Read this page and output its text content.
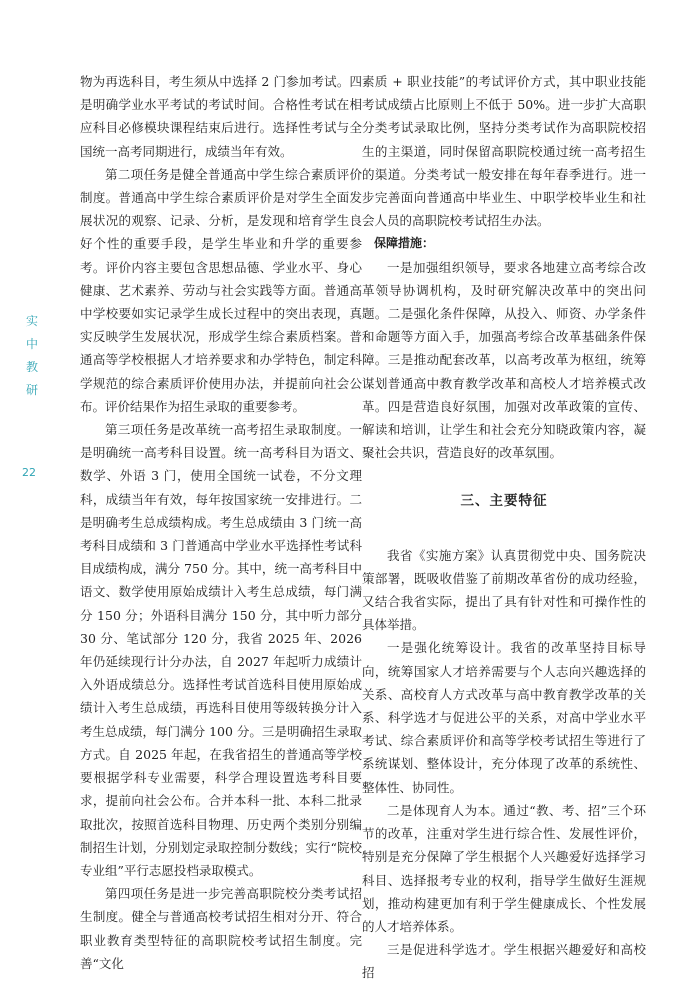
实
中
教
研
22

物为再选科目，考生须从中选择 2 门参加考试。四是明确学业水平考试的考试时间。合格性考试在相应科目必修模块课程结束后进行。选择性考试与全国统一高考同期进行，成绩当年有效。

第二项任务是健全普通高中学生综合素质评价制度。普通高中学生综合素质评价是对学生全面发展状况的观察、记录、分析，是发现和培育学生良好个性的重要手段，是学生毕业和升学的重要参考。评价内容主要包含思想品德、学业水平、身心健康、艺术素养、劳动与社会实践等方面。普通高中学校要如实记录学生成长过程中的突出表现，真实反映学生发展状况，形成学生综合素质档案。普通高等学校根据人才培养要求和办学特色，制定科学规范的综合素质评价使用办法，并提前向社会公布。评价结果作为招生录取的重要参考。

第三项任务是改革统一高考招生录取制度。一是明确统一高考科目设置。统一高考科目为语文、数学、外语 3 门，使用全国统一试卷，不分文理科，成绩当年有效，每年按国家统一安排进行。二是明确考生总成绩构成。考生总成绩由 3 门统一高考科目成绩和 3 门普通高中学业水平选择性考试科目成绩构成，满分 750 分。其中，统一高考科目中语文、数学使用原始成绩计入考生总成绩，每门满分 150 分；外语科目满分 150 分，其中听力部分 30 分、笔试部分 120 分，我省 2025 年、2026 年仍延续现行计分办法，自 2027 年起听力成绩计入外语成绩总分。选择性考试首选科目使用原始成绩计入考生总成绩，再选科目使用等级转换分计入考生总成绩，每门满分 100 分。三是明确招生录取方式。自 2025 年起，在我省招生的普通高等学校要根据学科专业需要，科学合理设置选考科目要求，提前向社会公布。合并本科一批、本科二批录取批次，按照首选科目物理、历史两个类别分别编制招生计划，分别划定录取控制分数线；实行“院校专业组”平行志愿投档录取模式。

第四项任务是进一步完善高职院校分类考试招生制度。健全与普通高校考试招生相对分开、符合职业教育类型特征的高职院校考试招生制度。完善“文化

素质 + 职业技能”的考试评价方式，其中职业技能考试成绩占比原则上不低于 50%。进一步扩大高职分类考试录取比例，坚持分类考试作为高职院校招生的主渠道，同时保留高职院校通过统一高考招生的渠道。分类考试一般安排在每年春季进行。进一步完善面向普通高中毕业生、中职学校毕业生和社会人员的高职院校考试招生办法。

保障措施：

一是加强组织领导，要求各地建立高考综合改革领导协调机构，及时研究解决改革中的突出问题。二是强化条件保障，从投入、师资、办学条件和命题等方面入手，加强高考综合改革基础条件保障。三是推动配套改革，以高考改革为枢纽，统筹谋划普通高中教育教学改革和高校人才培养模式改革。四是营造良好氛围，加强对改革政策的宣传、解读和培训，让学生和社会充分知晓政策内容，凝聚社会共识，营造良好的改革氛围。

三、主要特征

我省《实施方案》认真贯彻党中央、国务院决策部署，既吸收借鉴了前期改革省份的成功经验，又结合我省实际，提出了具有针对性和可操作性的具体举措。

一是强化统筹设计。我省的改革坚持目标导向，统筹国家人才培养需要与个人志向兴趣选择的关系、高校育人方式改革与高中教育教学改革的关系、科学选才与促进公平的关系，对高中学业水平考试、综合素质评价和高等学校考试招生等进行了系统谋划、整体设计，充分体现了改革的系统性、整体性、协同性。

二是体现育人为本。通过“教、考、招”三个环节的改革，注重对学生进行综合性、发展性评价，特别是充分保障了学生根据个人兴趣爱好选择学习科目、选择报考专业的权利，指导学生做好生涯规划，推动构建更加有利于学生健康成长、个性发展的人才培养体系。

三是促进科学选才。学生根据兴趣爱好和高校招
